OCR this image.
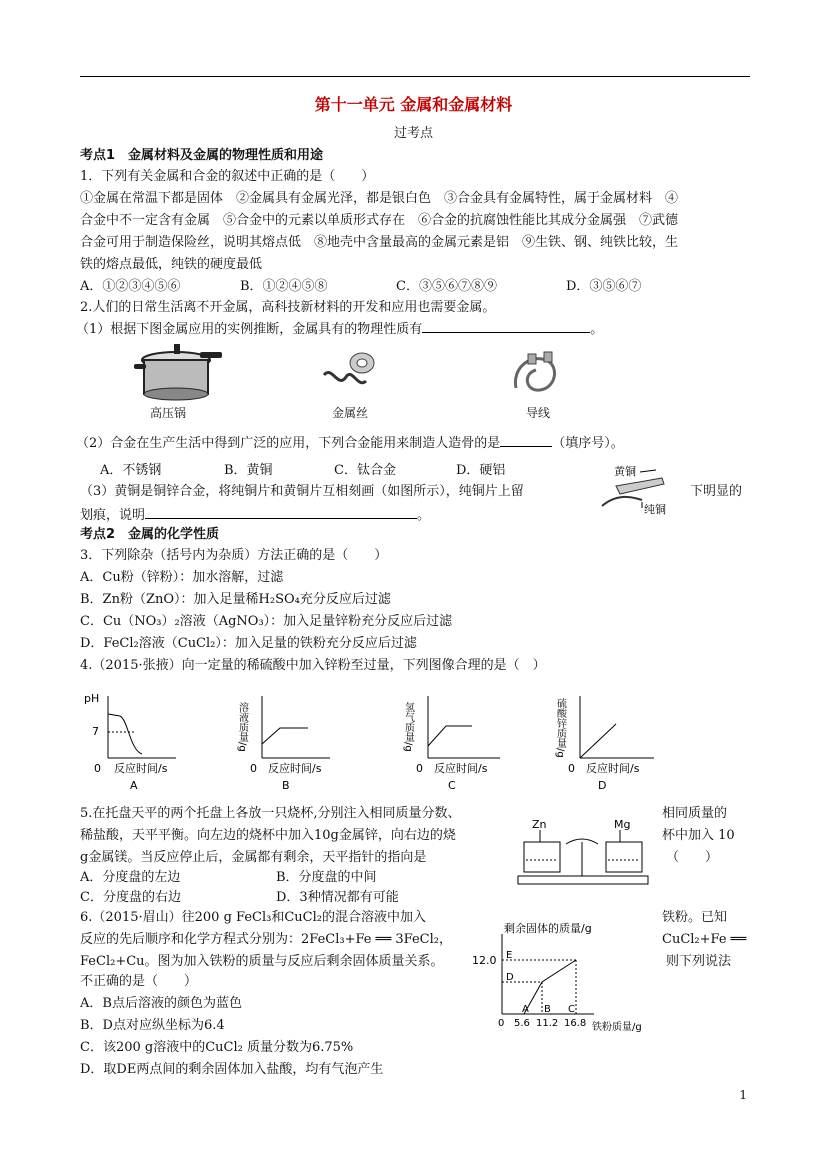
第十一单元 金属和金属材料
过考点
考点1　金属材料及金属的物理性质和用途
1．下列有关金属和合金的叙述中正确的是（　　）
①金属在常温下都是固体　②金属具有金属光泽，都是银白色　③合金具有金属特性，属于金属材料　④
合金中不一定含有金属　⑤合金中的元素以单质形式存在　⑥合金的抗腐蚀性能比其成分金属强　⑦武德
合金可用于制造保险丝，说明其熔点低　⑧地壳中含量最高的金属元素是铝　⑨生铁、钢、纯铁比较，生
铁的熔点最低，纯铁的硬度最低
A．①②③④⑤⑥	B．①②④⑤⑧	C．③⑤⑥⑦⑧⑨	D．③⑤⑥⑦
2.人们的日常生活离不开金属，高科技新材料的开发和应用也需要金属。
（1）根据下图金属应用的实例推断，金属具有的物理性质有	。
高压锅	金属丝	导线
（2）合金在生产生活中得到广泛的应用，下列合金能用来制造人造骨的是	（填序号）。
A．不锈钢	B．黄铜	C．钛合金	D．硬铝	黄铜
纯铜
（3）黄铜是铜锌合金，将纯铜片和黄铜片互相刻画（如图所示），纯铜片上留	下明显的
划痕，说明	。
考点2　金属的化学性质
3．下列除杂（括号内为杂质）方法正确的是（　　）
A．Cu粉（锌粉）：加水溶解，过滤
B．Zn粉（ZnO）：加入足量稀H₂SO₄充分反应后过滤
C．Cu（NO₃）₂溶液（AgNO₃）：加入足量锌粉充分反应后过滤
D．FeCl₂溶液（CuCl₂）：加入足量的铁粉充分反应后过滤
4.（2015·张掖）向一定量的稀硫酸中加入锌粉至过量，下列图像合理的是（　）
pH
7
0 反应时间/s
A
溶液质量/g
0 反应时间/s
B
氢气质量/g
0 反应时间/s
C
硫酸锌质量/g
0 反应时间/s
D
5.在托盘天平的两个托盘上各放一只烧杯,分别注入相同质量分数、	相同质量的
稀盐酸，天平平衡。向左边的烧杯中加入10g金属锌，向右边的烧	杯中加入 10
g金属镁。当反应停止后，金属都有剩余，天平指针的指向是	（　　）
A．分度盘的左边	B．分度盘的中间
C．分度盘的右边	D．3种情况都有可能
Zn	Mg
6.（2015·眉山）往200 g FeCl₃和CuCl₂的混合溶液中加入	铁粉。已知
反应的先后顺序和化学方程式分别为：2FeCl₃+Fe ══ 3FeCl₂，	CuCl₂+Fe ══
FeCl₂+Cu。图为加入铁粉的质量与反应后剩余固体质量关系。	则下列说法
不正确的是（　　）
A．B点后溶液的颜色为蓝色
B．D点对应纵坐标为6.4
C．该200 g溶液中的CuCl₂ 质量分数为6.75%
D．取DE两点间的剩余固体加入盐酸，均有气泡产生
剩余固体的质量/g
12.0 E
D
A B C
0 5.6 11.2 16.8 铁粉质量/g
1
